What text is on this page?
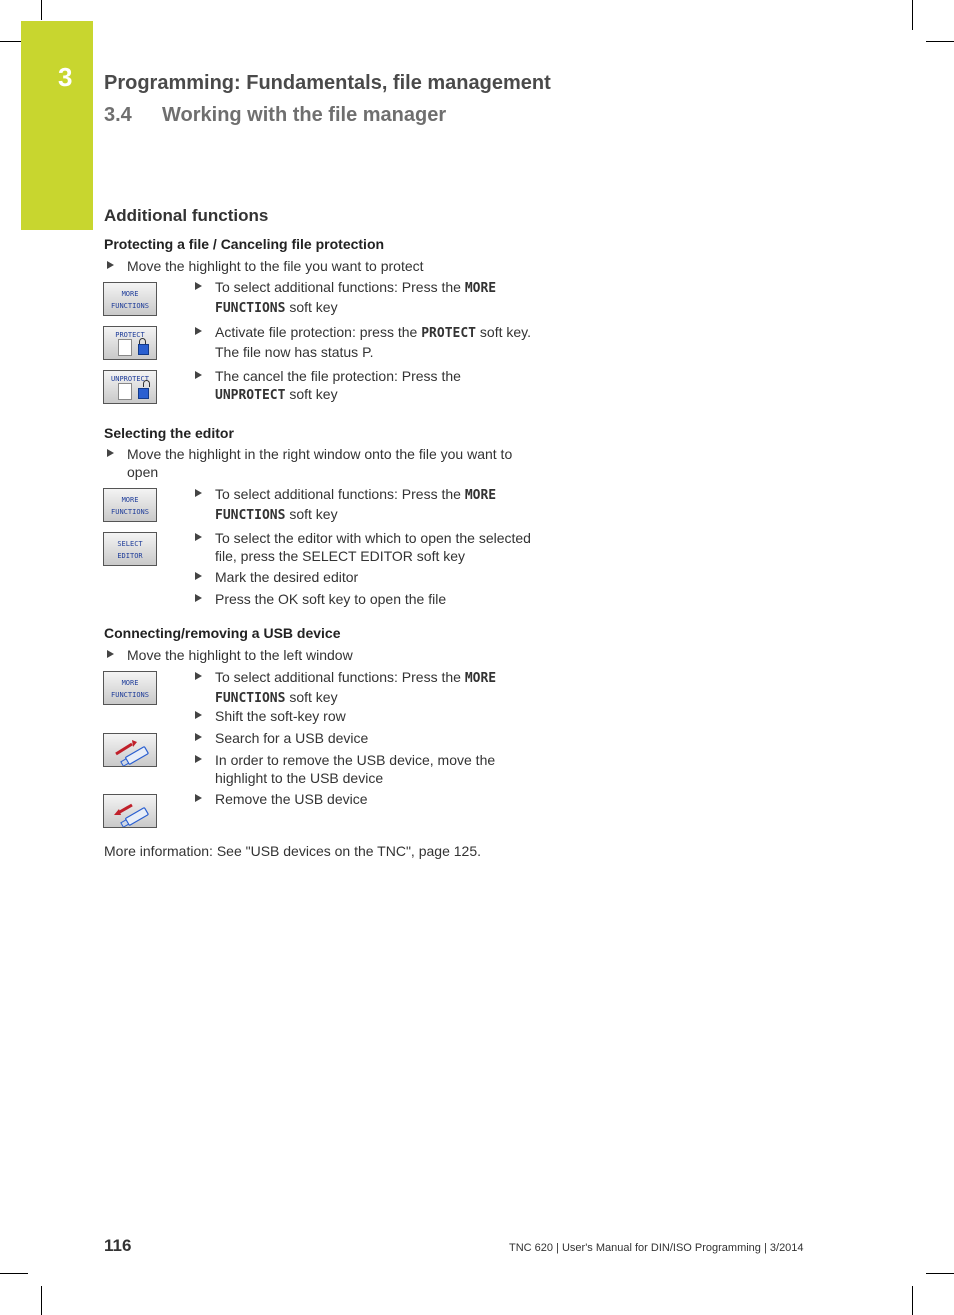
3 Programming: Fundamentals, file management
3.4 Working with the file manager
Additional functions
Protecting a file / Canceling file protection
Move the highlight to the file you want to protect
MORE
FUNCTIONS
To select additional functions: Press the MORE FUNCTIONS soft key
PROTECT	Activate file protection: press the PROTECT soft key. The file now has status P.
UNPROTECT	The cancel the file protection: Press the UNPROTECT soft key
Selecting the editor
Move the highlight in the right window onto the file you want to open
MORE
FUNCTIONS
To select additional functions: Press the MORE FUNCTIONS soft key
SELECT
EDITOR
To select the editor with which to open the selected file, press the SELECT EDITOR soft key
Mark the desired editor
Press the OK soft key to open the file
Connecting/removing a USB device
Move the highlight to the left window
MORE
FUNCTIONS
To select additional functions: Press the MORE FUNCTIONS soft key
Shift the soft-key row
Search for a USB device
In order to remove the USB device, move the highlight to the USB device
Remove the USB device
More information: See "USB devices on the TNC", page 125.
116	TNC 620 | User's Manual for DIN/ISO Programming | 3/2014
